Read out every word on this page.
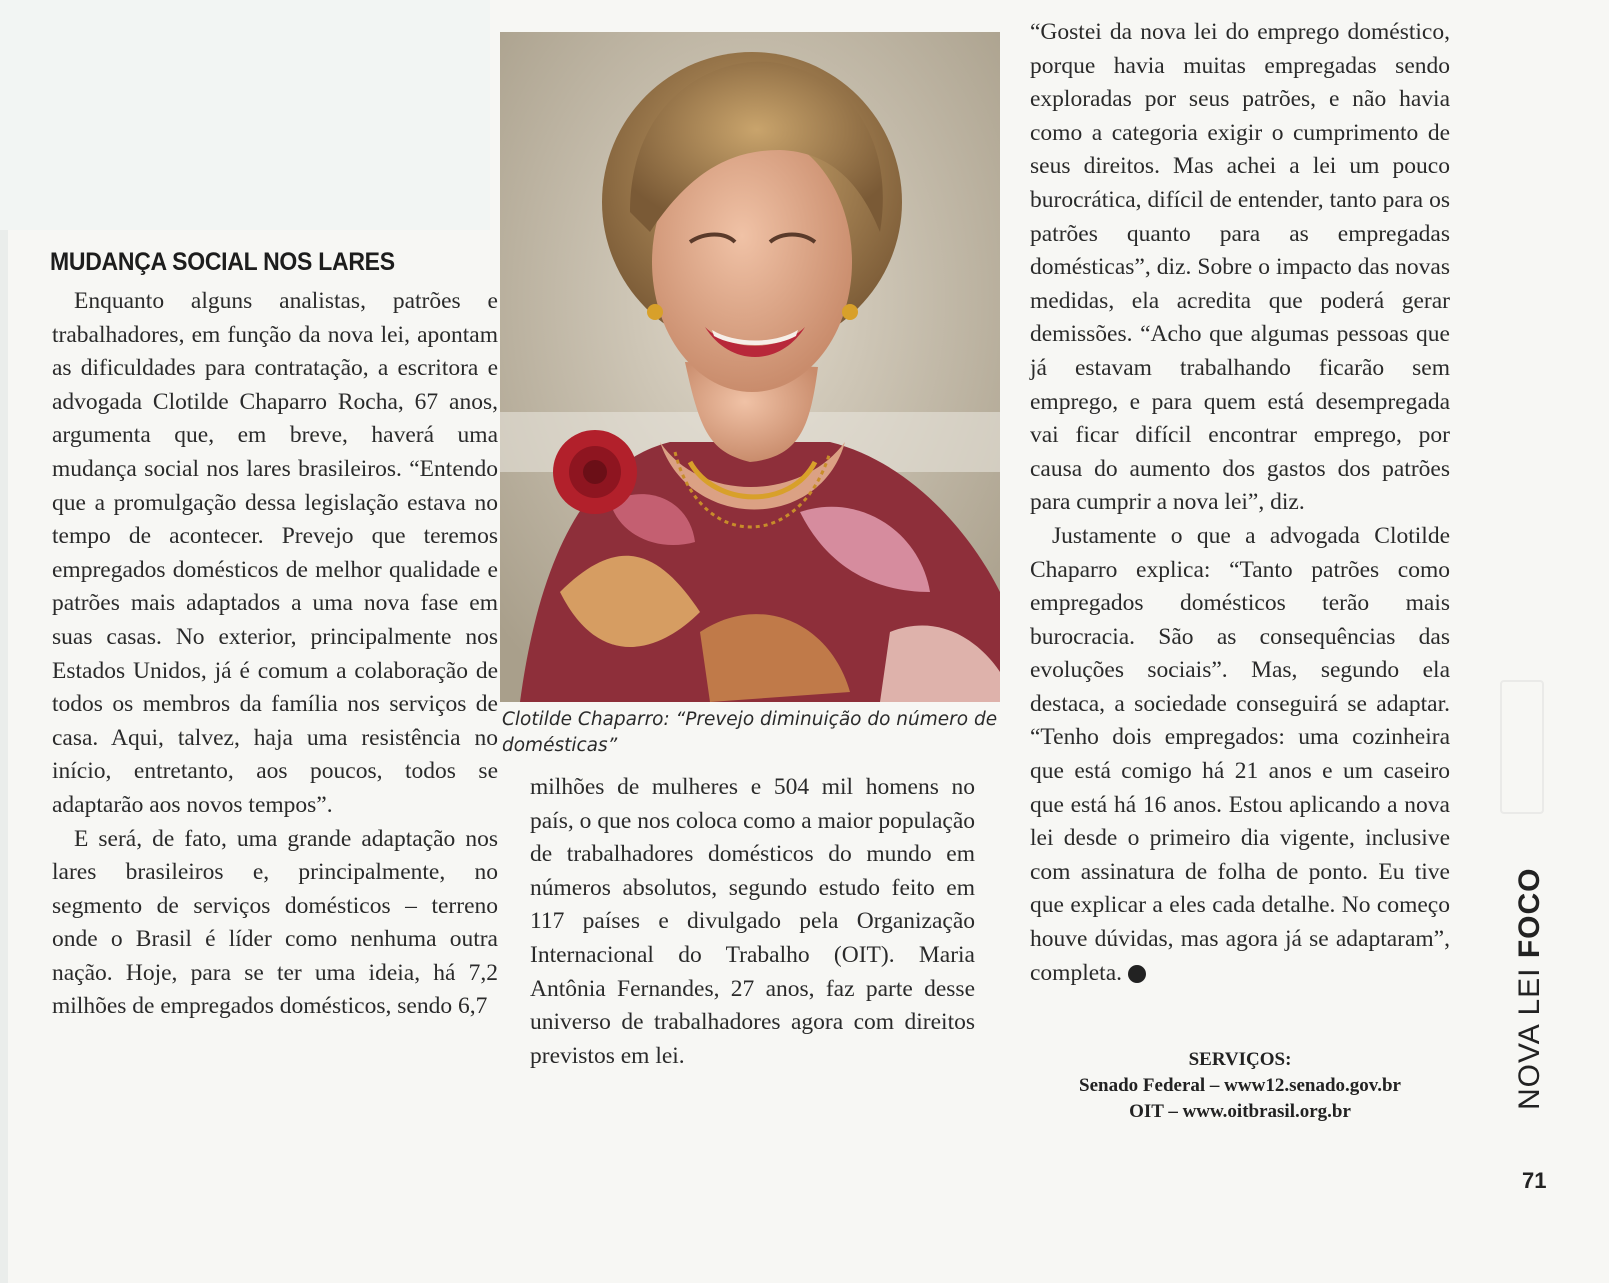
MUDANÇA SOCIAL NOS LARES

Enquanto alguns analistas, patrões e trabalhadores, em função da nova lei, apontam as dificuldades para contratação, a escritora e advogada Clotilde Chaparro Rocha, 67 anos, argumenta que, em breve, haverá uma mudança social nos lares brasileiros. “Entendo que a promulgação dessa legislação estava no tempo de acontecer. Prevejo que teremos empregados domésticos de melhor qualidade e patrões mais adaptados a uma nova fase em suas casas. No exterior, principalmente nos Estados Unidos, já é comum a colaboração de todos os membros da família nos serviços de casa. Aqui, talvez, haja uma resistência no início, entretanto, aos poucos, todos se adaptarão aos novos tempos”.

E será, de fato, uma grande adaptação nos lares brasileiros e, principalmente, no segmento de serviços domésticos – terreno onde o Brasil é líder como nenhuma outra nação. Hoje, para se ter uma ideia, há 7,2 milhões de empregados domésticos, sendo 6,7

Clotilde Chaparro: “Prevejo diminuição do número de domésticas”

milhões de mulheres e 504 mil homens no país, o que nos coloca como a maior população de trabalhadores domésticos do mundo em números absolutos, segundo estudo feito em 117 países e divulgado pela Organização Internacional do Trabalho (OIT). Maria Antônia Fernandes, 27 anos, faz parte desse universo de trabalhadores agora com direitos previstos em lei.

“Gostei da nova lei do emprego doméstico, porque havia muitas empregadas sendo exploradas por seus patrões, e não havia como a categoria exigir o cumprimento de seus direitos. Mas achei a lei um pouco burocrática, difícil de entender, tanto para os patrões quanto para as empregadas domésticas”, diz. Sobre o impacto das novas medidas, ela acredita que poderá gerar demissões. “Acho que algumas pessoas que já estavam trabalhando ficarão sem emprego, e para quem está desempregada vai ficar difícil encontrar emprego, por causa do aumento dos gastos dos patrões para cumprir a nova lei”, diz.

Justamente o que a advogada Clotilde Chaparro explica: “Tanto patrões como empregados domésticos terão mais burocracia. São as consequências das evoluções sociais”. Mas, segundo ela destaca, a sociedade conseguirá se adaptar. “Tenho dois empregados: uma cozinheira que está comigo há 21 anos e um caseiro que está há 16 anos. Estou aplicando a nova lei desde o primeiro dia vigente, inclusive com assinatura de folha de ponto. Eu tive que explicar a eles cada detalhe. No começo houve dúvidas, mas agora já se adaptaram”, completa. f

SERVIÇOS:
Senado Federal – www12.senado.gov.br
OIT – www.oitbrasil.org.br
NOVA LEI FOCO
71
